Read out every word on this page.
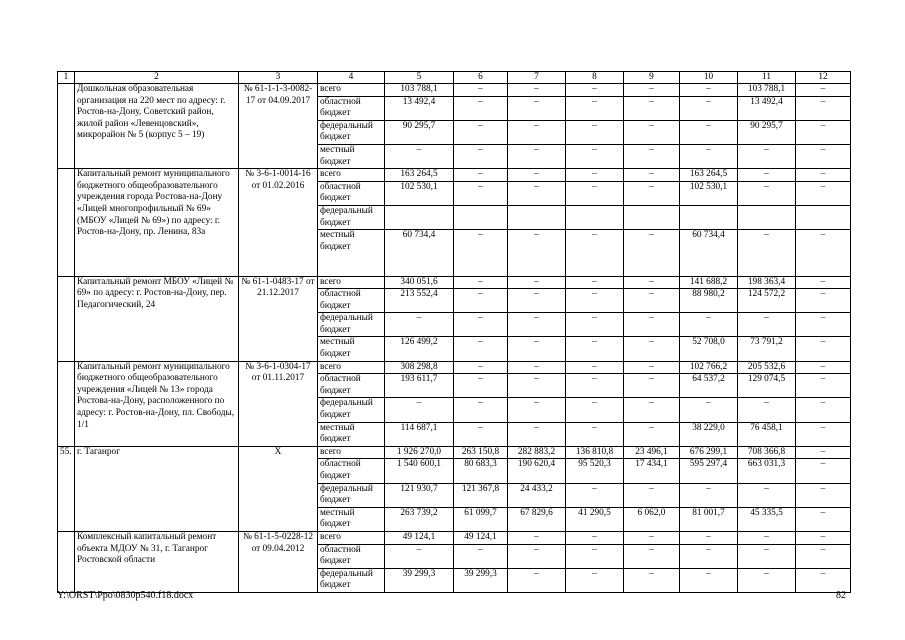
1	2	3	4	5	6	7	8	9	10	11	12
	Дошкольная образовательная организация на 220 мест по адресу: г. Ростов-на-Дону, Советский район, жилой район «Левенцовский», микрорайон № 5 (корпус 5 – 19)	№ 61-1-1-3-0082-17 от 04.09.2017	всего	103 788,1	–	–	–	–	–	103 788,1	–
			областной бюджет	13 492,4	–	–	–	–	–	13 492,4	–
			федеральный бюджет	90 295,7	–	–	–	–	–	90 295,7	–
			местный бюджет	–	–	–	–	–	–	–	–
	Капитальный ремонт муниципального бюджетного общеобразовательного учреждения города Ростова-на-Дону «Лицей многопрофильный № 69» (МБОУ «Лицей № 69») по адресу: г. Ростов-на-Дону, пр. Ленина, 83а	№ 3-6-1-0014-16 от 01.02.2016	всего	163 264,5	–	–	–	–	163 264,5	–	–
			областной бюджет	102 530,1	–	–	–	–	102 530,1	–	–
			федеральный бюджет								
			местный бюджет	60 734,4	–	–	–	–	60 734,4	–	–
	Капитальный ремонт МБОУ «Лицей № 69» по адресу: г. Ростов-на-Дону, пер. Педагогический, 24	№ 61-1-0483-17 от 21.12.2017	всего	340 051,6	–	–	–	–	141 688,2	198 363,4	–
			областной бюджет	213 552,4	–	–	–	–	88 980,2	124 572,2	–
			федеральный бюджет	–	–	–	–	–	–	–	–
			местный бюджет	126 499,2	–	–	–	–	52 708,0	73 791,2	–
	Капитальный ремонт муниципального бюджетного общеобразовательного учреждения «Лицей № 13» города Ростова-на-Дону, расположенного по адресу: г. Ростов-на-Дону, пл. Свободы, 1/1	№ 3-6-1-0304-17 от 01.11.2017	всего	308 298,8	–	–	–	–	102 766,2	205 532,6	–
			областной бюджет	193 611,7	–	–	–	–	64 537,2	129 074,5	–
			федеральный бюджет	–	–	–	–	–	–	–	–
			местный бюджет	114 687,1	–	–	–	–	38 229,0	76 458,1	–
55.	г. Таганрог	Х	всего	1 926 270,0	263 150,8	282 883,2	136 810,8	23 496,1	676 299,1	708 366,8	–
			областной бюджет	1 540 600,1	80 683,3	190 620,4	95 520,3	17 434,1	595 297,4	663 031,3	–
			федеральный бюджет	121 930,7	121 367,8	24 433,2	–	–	–	–	–
			местный бюджет	263 739,2	61 099,7	67 829,6	41 290,5	6 062,0	81 001,7	45 335,5	–
	Комплексный капитальный ремонт объекта МДОУ № 31, г. Таганрог Ростовской области	№ 61-1-5-0228-12 от 09.04.2012	всего	49 124,1	49 124,1	–	–	–	–	–	–
			областной бюджет	–	–	–	–	–	–	–	–
			федеральный бюджет	39 299,3	39 299,3	–	–	–	–	–	–
Y:\ORST\Ppo\0830p540.f18.docx	82
